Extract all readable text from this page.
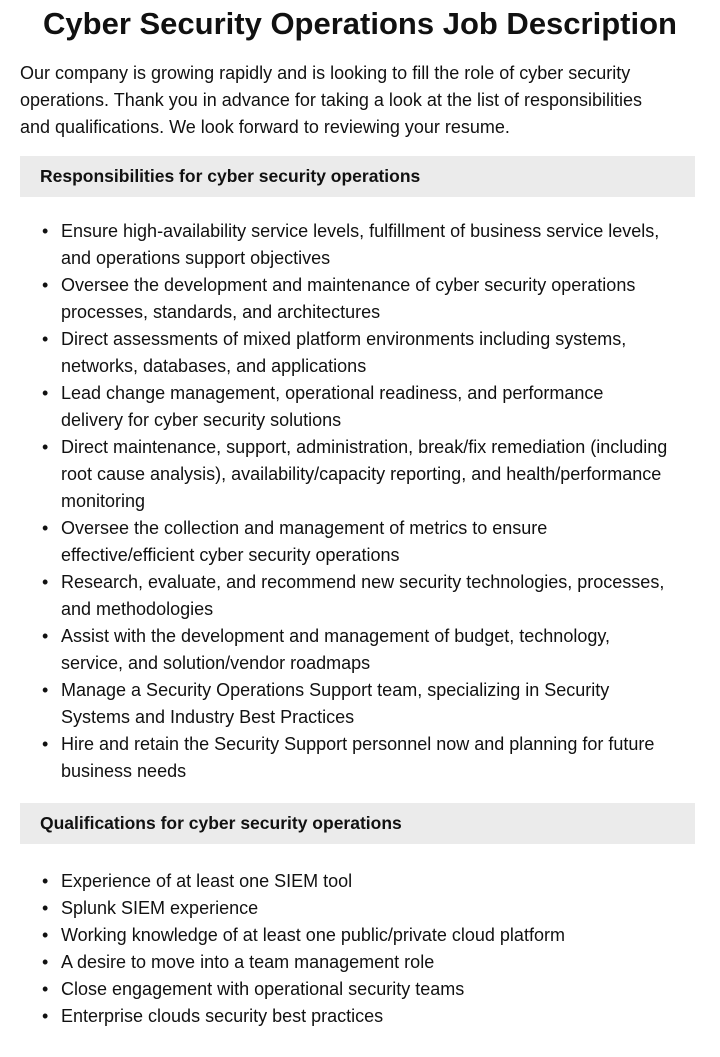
Cyber Security Operations Job Description

Our company is growing rapidly and is looking to fill the role of cyber security operations. Thank you in advance for taking a look at the list of responsibilities and qualifications. We look forward to reviewing your resume.

Responsibilities for cyber security operations
• Ensure high-availability service levels, fulfillment of business service levels, and operations support objectives
• Oversee the development and maintenance of cyber security operations processes, standards, and architectures
• Direct assessments of mixed platform environments including systems, networks, databases, and applications
• Lead change management, operational readiness, and performance delivery for cyber security solutions
• Direct maintenance, support, administration, break/fix remediation (including root cause analysis), availability/capacity reporting, and health/performance monitoring
• Oversee the collection and management of metrics to ensure effective/efficient cyber security operations
• Research, evaluate, and recommend new security technologies, processes, and methodologies
• Assist with the development and management of budget, technology, service, and solution/vendor roadmaps
• Manage a Security Operations Support team, specializing in Security Systems and Industry Best Practices
• Hire and retain the Security Support personnel now and planning for future business needs
Qualifications for cyber security operations
• Experience of at least one SIEM tool
• Splunk SIEM experience
• Working knowledge of at least one public/private cloud platform
• A desire to move into a team management role
• Close engagement with operational security teams
• Enterprise clouds security best practices
